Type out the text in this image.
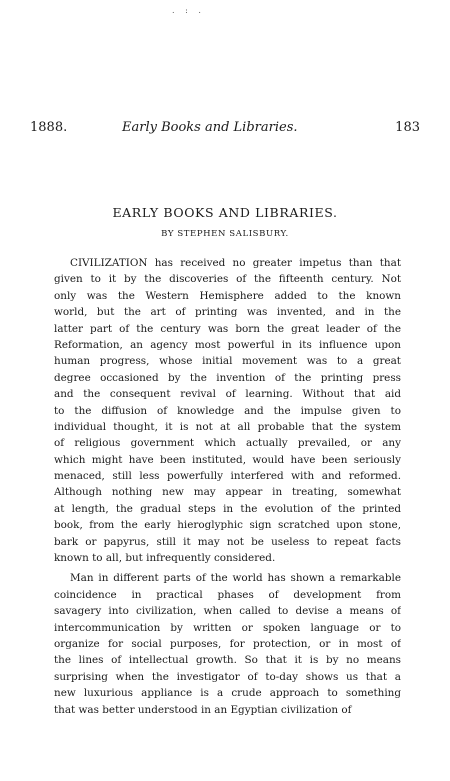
. : .
1888.	Early Books and Libraries.	183
EARLY BOOKS AND LIBRARIES.
BY STEPHEN SALISBURY.
CIVILIZATION has received no greater impetus than that
given to it by the discoveries of the fifteenth century. Not
only was the Western Hemisphere added to the known
world, but the art of printing was invented, and in the
latter part of the century was born the great leader of the
Reformation, an agency most powerful in its influence upon
human progress, whose initial movement was to a great
degree occasioned by the invention of the printing press
and the consequent revival of learning. Without that aid
to the diffusion of knowledge and the impulse given to
individual thought, it is not at all probable that the system
of religious government which actually prevailed, or any
which might have been instituted, would have been seriously
menaced, still less powerfully interfered with and reformed.
Although nothing new may appear in treating, somewhat
at length, the gradual steps in the evolution of the printed
book, from the early hieroglyphic sign scratched upon stone,
bark or papyrus, still it may not be useless to repeat facts
known to all, but infrequently considered.
Man in different parts of the world has shown a remarkable
coincidence in practical phases of development from
savagery into civilization, when called to devise a means of
intercommunication by written or spoken language or to
organize for social purposes, for protection, or in most of
the lines of intellectual growth. So that it is by no means
surprising when the investigator of to-day shows us that a
new luxurious appliance is a crude approach to something
that was better understood in an Egyptian civilization of
